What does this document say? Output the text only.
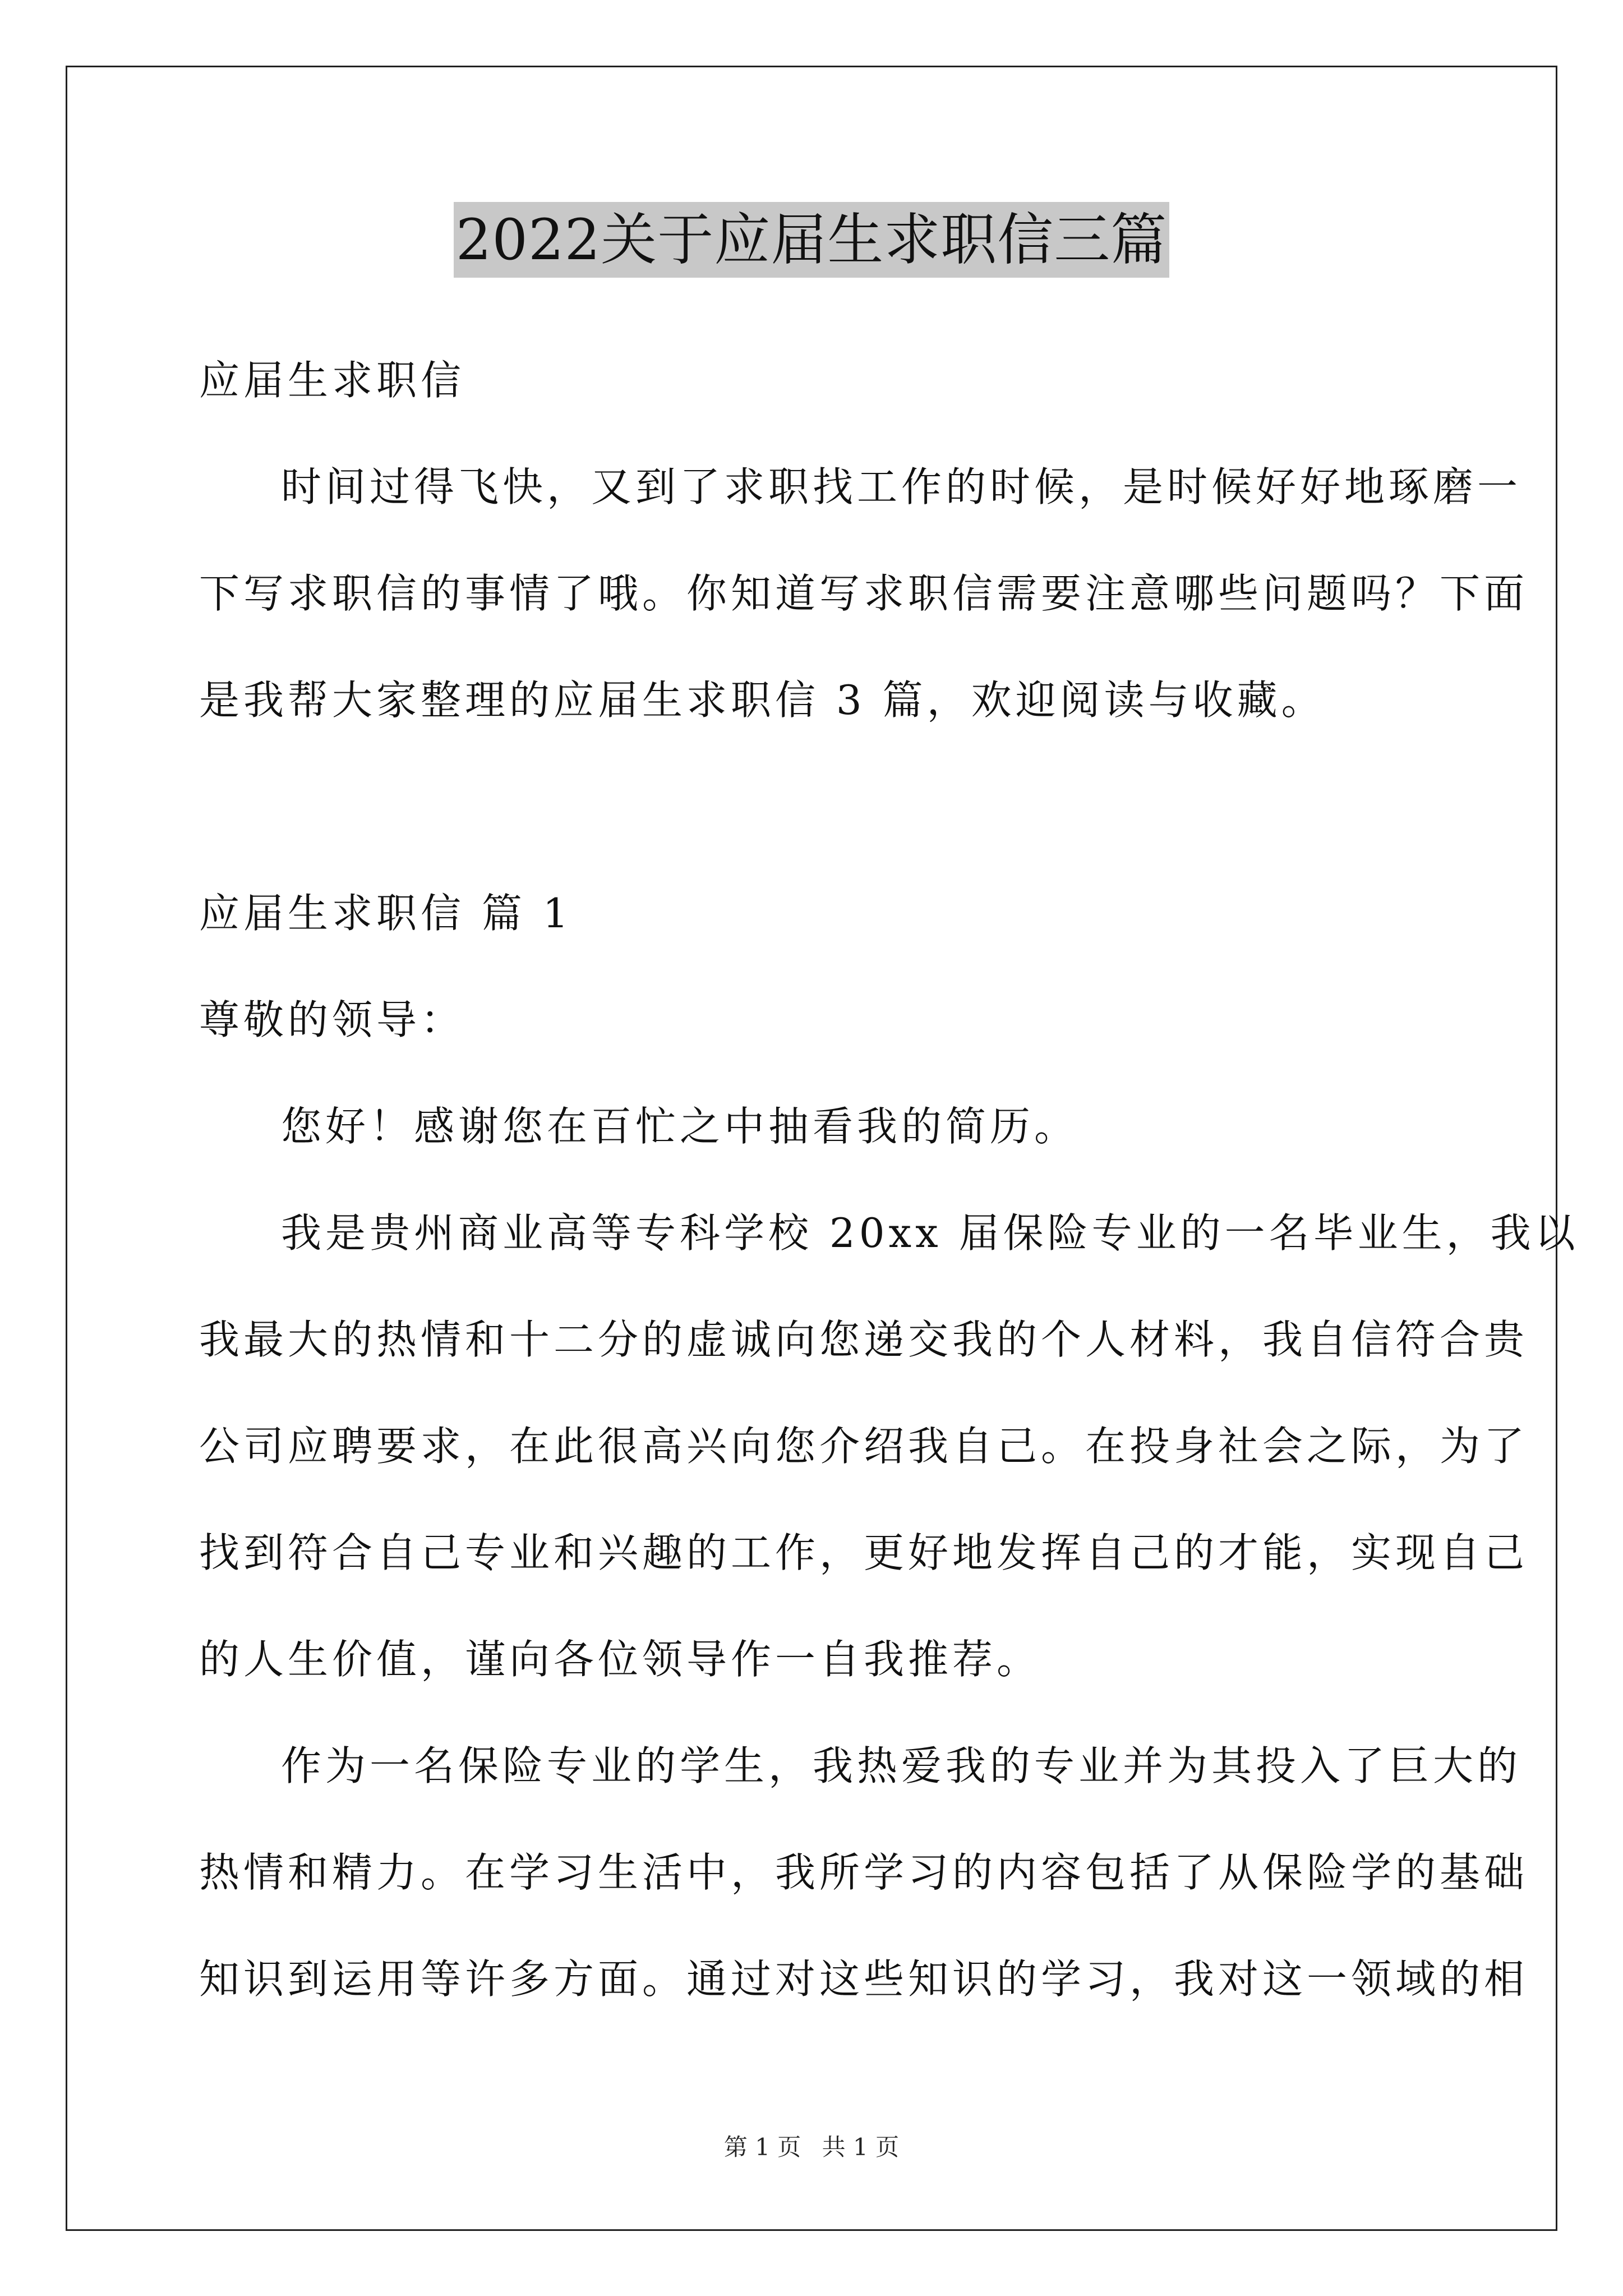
2022关于应届生求职信三篇
应届生求职信
时间过得飞快，又到了求职找工作的时候，是时候好好地琢磨一
下写求职信的事情了哦。你知道写求职信需要注意哪些问题吗？下面
是我帮大家整理的应届生求职信 3 篇，欢迎阅读与收藏。
应届生求职信 篇 1
尊敬的领导：
您好！感谢您在百忙之中抽看我的简历。
我是贵州商业高等专科学校 20xx 届保险专业的一名毕业生，我以
我最大的热情和十二分的虚诚向您递交我的个人材料，我自信符合贵
公司应聘要求，在此很高兴向您介绍我自己。在投身社会之际，为了
找到符合自己专业和兴趣的工作，更好地发挥自己的才能，实现自己
的人生价值，谨向各位领导作一自我推荐。
作为一名保险专业的学生，我热爱我的专业并为其投入了巨大的
热情和精力。在学习生活中，我所学习的内容包括了从保险学的基础
知识到运用等许多方面。通过对这些知识的学习，我对这一领域的相
第 1 页 共 1 页
